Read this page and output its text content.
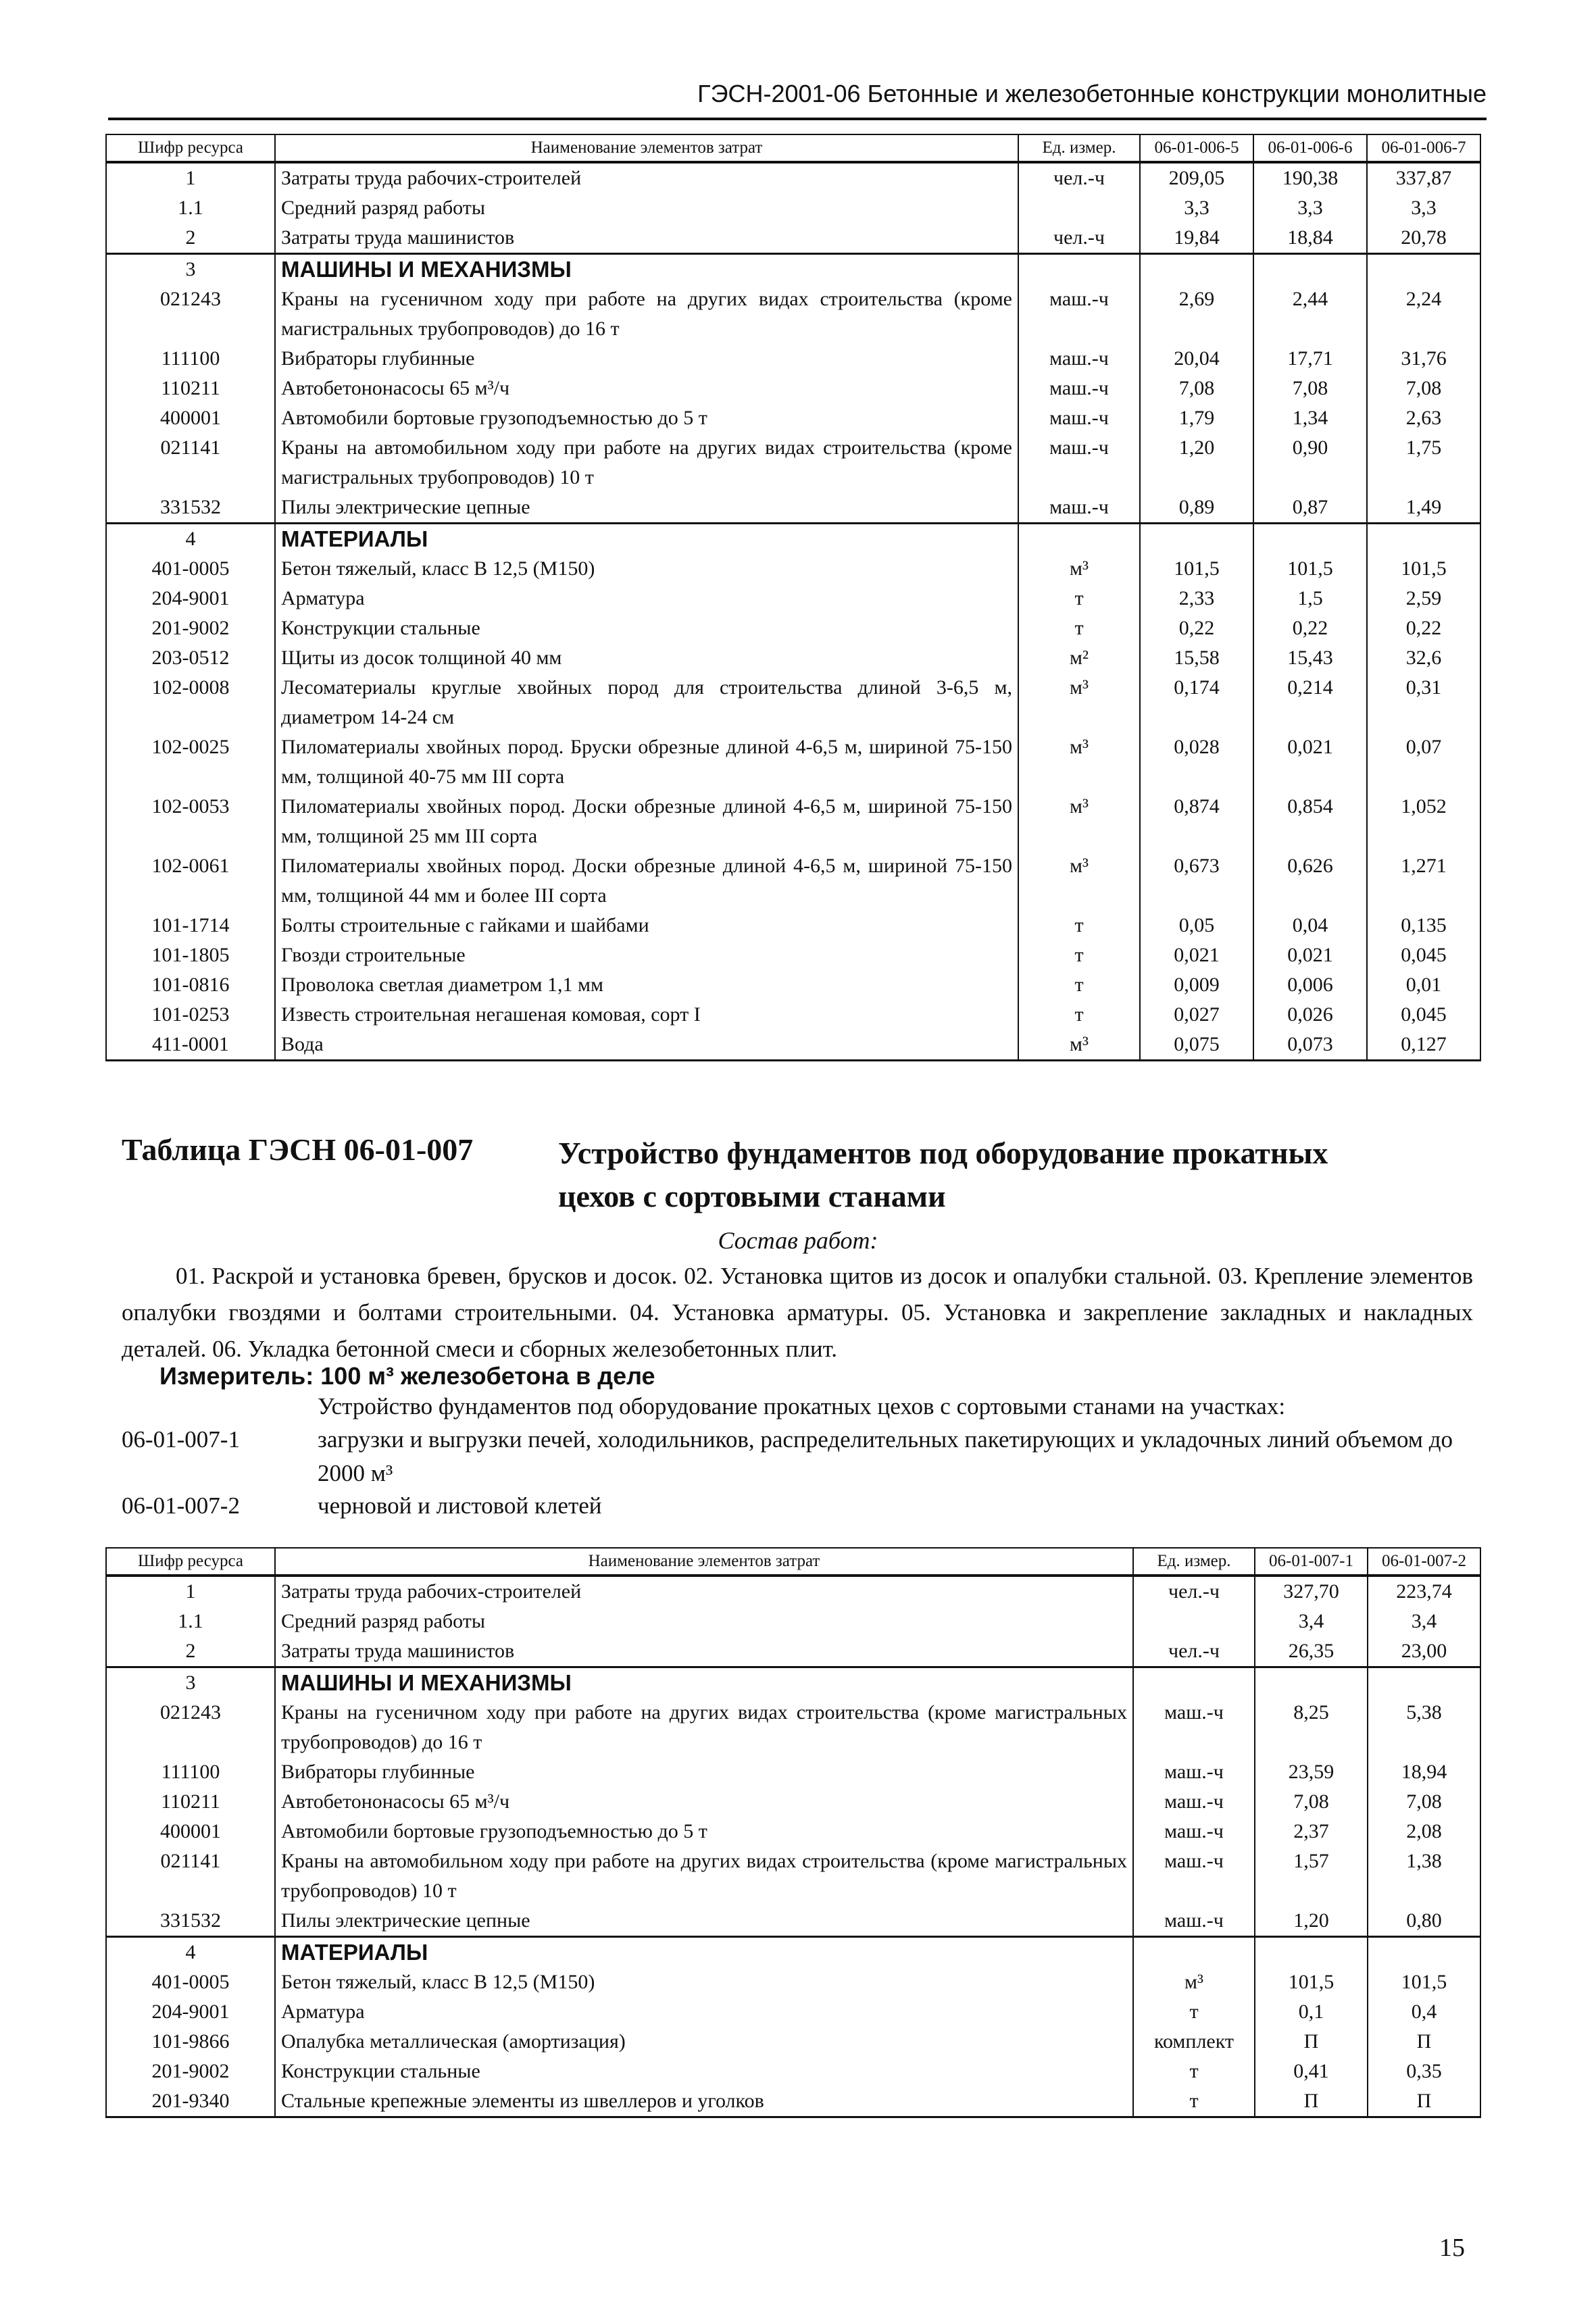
ГЭСН-2001-06 Бетонные и железобетонные конструкции монолитные
Шифр ресурса	Наименование элементов затрат	Ед. измер.	06-01-006-5	06-01-006-6	06-01-006-7
1	Затраты труда рабочих-строителей	чел.-ч	209,05	190,38	337,87
1.1	Средний разряд работы		3,3	3,3	3,3
2	Затраты труда машинистов	чел.-ч	19,84	18,84	20,78
3	МАШИНЫ И МЕХАНИЗМЫ				
021243	Краны на гусеничном ходу при работе на других видах строительства (кроме магистральных трубопроводов) до 16 т	маш.-ч	2,69	2,44	2,24
111100	Вибраторы глубинные	маш.-ч	20,04	17,71	31,76
110211	Автобетононасосы 65 м³/ч	маш.-ч	7,08	7,08	7,08
400001	Автомобили бортовые грузоподъемностью до 5 т	маш.-ч	1,79	1,34	2,63
021141	Краны на автомобильном ходу при работе на других видах строительства (кроме магистральных трубопроводов) 10 т	маш.-ч	1,20	0,90	1,75
331532	Пилы электрические цепные	маш.-ч	0,89	0,87	1,49
4	МАТЕРИАЛЫ				
401-0005	Бетон тяжелый, класс В 12,5 (М150)	м³	101,5	101,5	101,5
204-9001	Арматура	т	2,33	1,5	2,59
201-9002	Конструкции стальные	т	0,22	0,22	0,22
203-0512	Щиты из досок толщиной 40 мм	м²	15,58	15,43	32,6
102-0008	Лесоматериалы круглые хвойных пород для строительства длиной 3-6,5 м, диаметром 14-24 см	м³	0,174	0,214	0,31
102-0025	Пиломатериалы хвойных пород. Бруски обрезные длиной 4-6,5 м, шириной 75-150 мм, толщиной 40-75 мм III сорта	м³	0,028	0,021	0,07
102-0053	Пиломатериалы хвойных пород. Доски обрезные длиной 4-6,5 м, шириной 75-150 мм, толщиной 25 мм III сорта	м³	0,874	0,854	1,052
102-0061	Пиломатериалы хвойных пород. Доски обрезные длиной 4-6,5 м, шириной 75-150 мм, толщиной 44 мм и более III сорта	м³	0,673	0,626	1,271
101-1714	Болты строительные с гайками и шайбами	т	0,05	0,04	0,135
101-1805	Гвозди строительные	т	0,021	0,021	0,045
101-0816	Проволока светлая диаметром 1,1 мм	т	0,009	0,006	0,01
101-0253	Известь строительная негашеная комовая, сорт I	т	0,027	0,026	0,045
411-0001	Вода	м³	0,075	0,073	0,127
Таблица ГЭСН 06-01-007	Устройство фундаментов под оборудование прокатных цехов с сортовыми станами
Состав работ:
01. Раскрой и установка бревен, брусков и досок. 02. Установка щитов из досок и опалубки стальной. 03. Крепление элементов опалубки гвоздями и болтами строительными. 04. Установка арматуры. 05. Установка и закрепление закладных и накладных деталей. 06. Укладка бетонной смеси и сборных железобетонных плит.
Измеритель: 100 м³ железобетона в деле
Устройство фундаментов под оборудование прокатных цехов с сортовыми станами на участках:
06-01-007-1	загрузки и выгрузки печей, холодильников, распределительных пакетирующих и укладочных линий объемом до 2000 м³
06-01-007-2	черновой и листовой клетей
Шифр ресурса	Наименование элементов затрат	Ед. измер.	06-01-007-1	06-01-007-2
1	Затраты труда рабочих-строителей	чел.-ч	327,70	223,74
1.1	Средний разряд работы		3,4	3,4
2	Затраты труда машинистов	чел.-ч	26,35	23,00
3	МАШИНЫ И МЕХАНИЗМЫ			
021243	Краны на гусеничном ходу при работе на других видах строительства (кроме магистральных трубопроводов) до 16 т	маш.-ч	8,25	5,38
111100	Вибраторы глубинные	маш.-ч	23,59	18,94
110211	Автобетононасосы 65 м³/ч	маш.-ч	7,08	7,08
400001	Автомобили бортовые грузоподъемностью до 5 т	маш.-ч	2,37	2,08
021141	Краны на автомобильном ходу при работе на других видах строительства (кроме магистральных трубопроводов) 10 т	маш.-ч	1,57	1,38
331532	Пилы электрические цепные	маш.-ч	1,20	0,80
4	МАТЕРИАЛЫ			
401-0005	Бетон тяжелый, класс В 12,5 (М150)	м³	101,5	101,5
204-9001	Арматура	т	0,1	0,4
101-9866	Опалубка металлическая (амортизация)	комплект	П	П
201-9002	Конструкции стальные	т	0,41	0,35
201-9340	Стальные крепежные элементы из швеллеров и уголков	т	П	П
15
